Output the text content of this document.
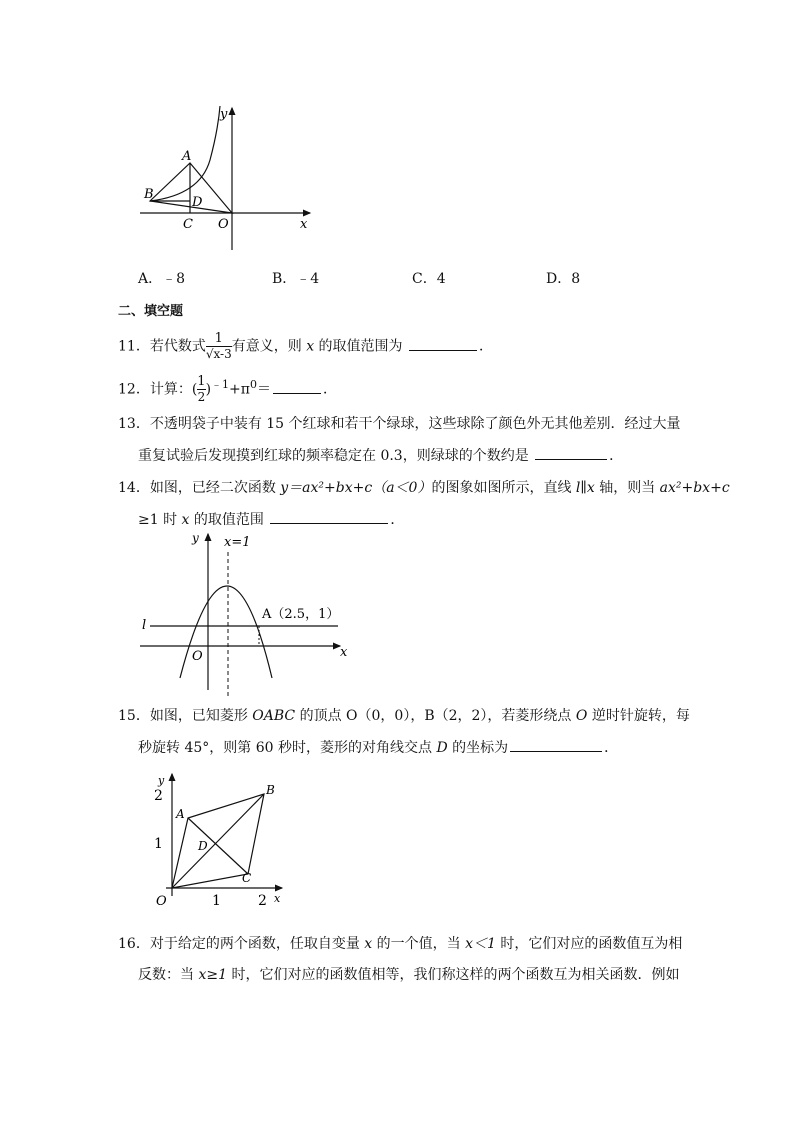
y
A
B
D
C O	x
A．﹣8	B．﹣4	C．4	D．8
二、填空题
11．若代数式 $\frac{1}{√x-3}$ 有意义，则 x 的取值范围为	．
12．计算：( $\frac{1}{2} )^{﹣1}+\pi^0=$	．
13．不透明袋子中装有 15 个红球和若干个绿球，这些球除了颜色外无其他差别．经过大量
重复试验后发现摸到红球的频率稳定在 0.3，则绿球的个数约是	．
14．如图，已经二次函数 y＝ax²+bx+c（a＜0）的图象如图所示，直线 l∥x 轴，则当 ax²+bx+c
≥1 时 x 的取值范围	．
y x=1
A（2.5，1）
l
O	x
15．如图，已知菱形 OABC 的顶点 O（0，0），B（2，2），若菱形绕点 O 逆时针旋转，每
秒旋转 45°，则第 60 秒时，菱形的对角线交点 D 的坐标为	．
y
2
1
A
B
D
C
O	1	2 x
16．对于给定的两个函数，任取自变量 x 的一个值，当 x＜1 时，它们对应的函数值互为相
反数：当 x≥1 时，它们对应的函数值相等，我们称这样的两个函数互为相关函数．例如
